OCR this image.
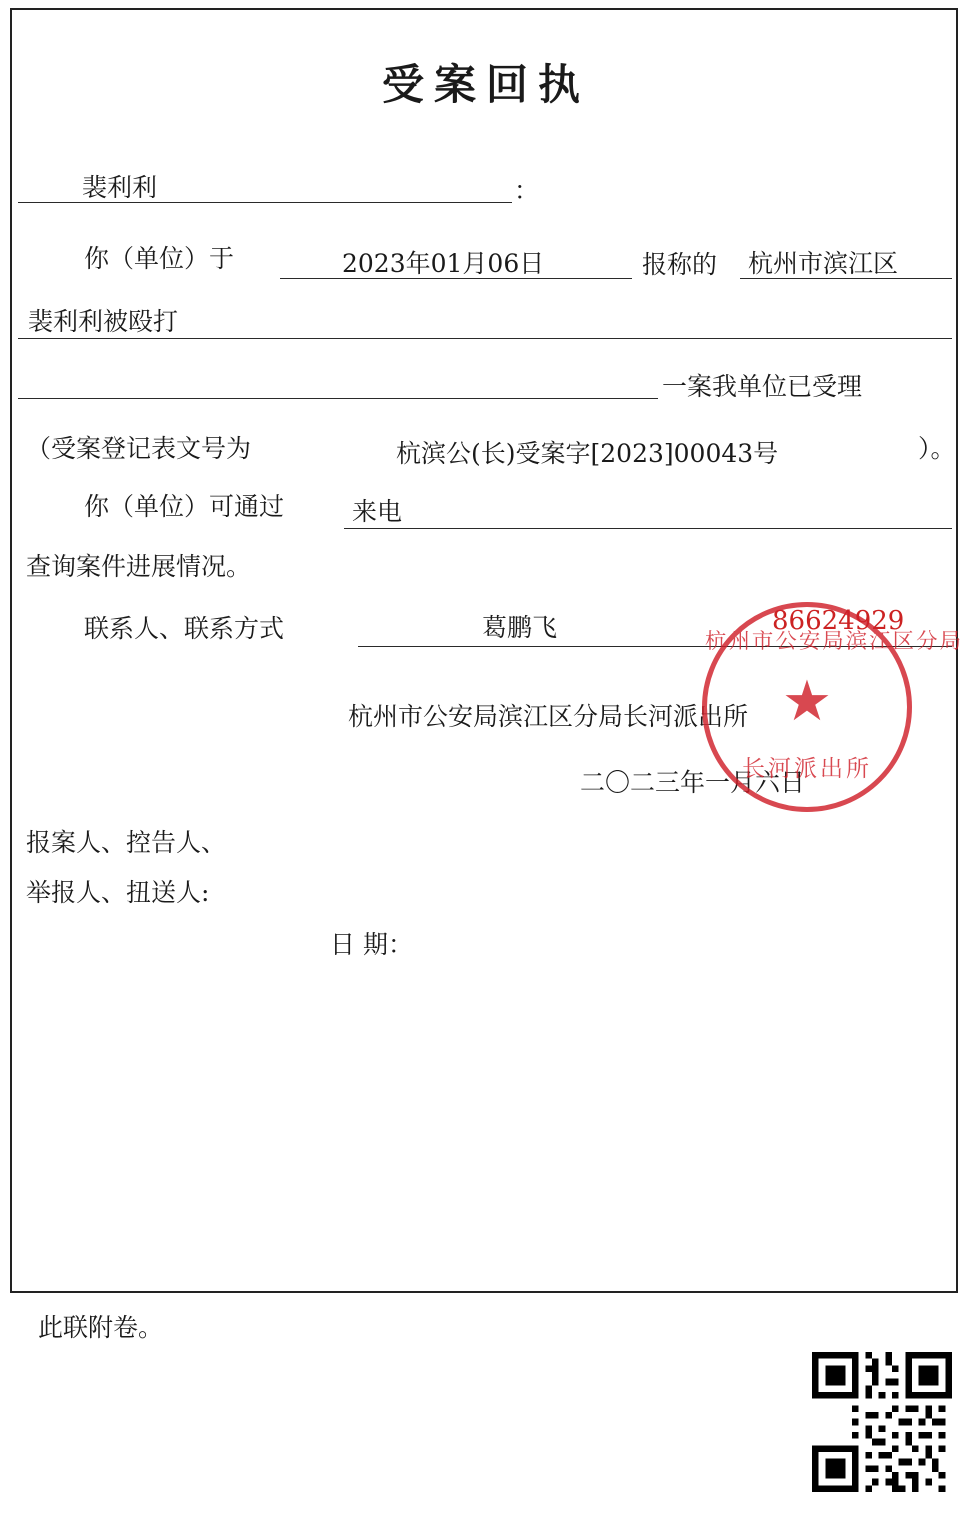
受案回执
裴利利	：
你（单位）于	2023年01月06日	报称的 杭州市滨江区
裴利利被殴打
一案我单位已受理
（受案登记表文号为	杭滨公(长)受案字[2023]00043号	）。
你（单位）可通过	来电
查询案件进展情况。
联系人、联系方式	葛鹏飞	86624929
杭州市公安局滨江区分局长河派出所
二〇二三年一月六日
杭州市公安局滨江区分局
★
长河派出所
报案人、控告人、
举报人、扭送人:
日 期：
此联附卷。
